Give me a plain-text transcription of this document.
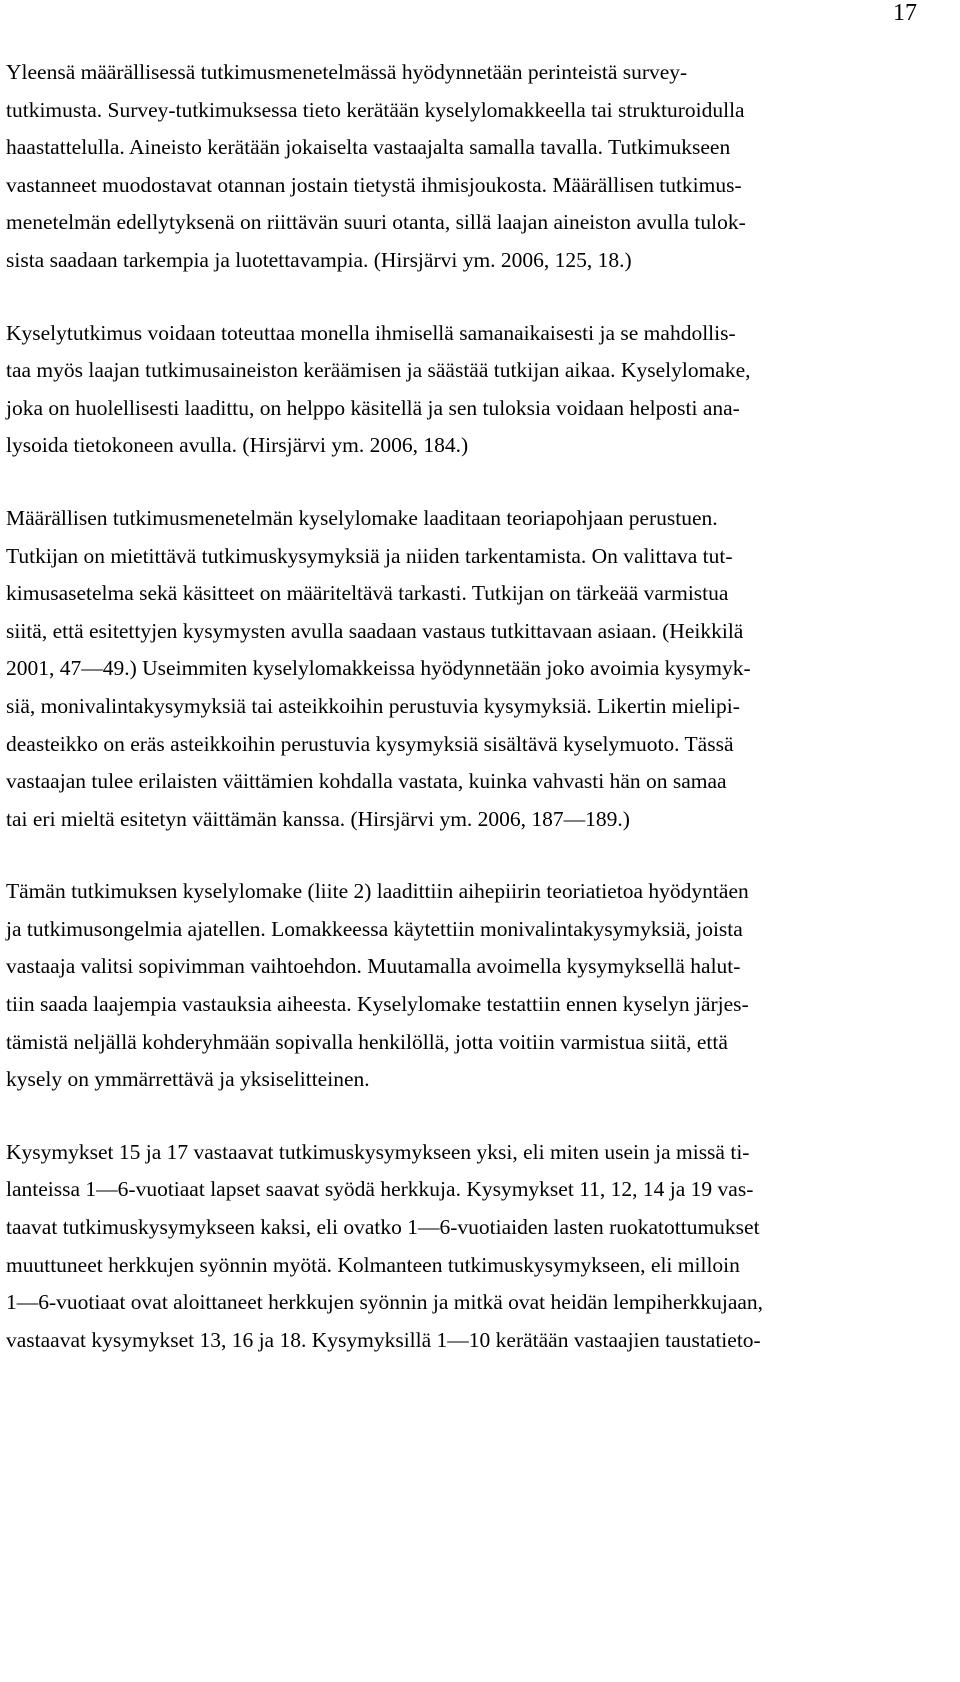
17

Yleensä määrällisessä tutkimusmenetelmässä hyödynnetään perinteistä survey-
tutkimusta. Survey-tutkimuksessa tieto kerätään kyselylomakkeella tai strukturoidulla
haastattelulla. Aineisto kerätään jokaiselta vastaajalta samalla tavalla. Tutkimukseen
vastanneet muodostavat otannan jostain tietystä ihmisjoukosta. Määrällisen tutkimus-
menetelmän edellytyksenä on riittävän suuri otanta, sillä laajan aineiston avulla tulok-
sista saadaan tarkempia ja luotettavampia. (Hirsjärvi ym. 2006, 125, 18.)

Kyselytutkimus voidaan toteuttaa monella ihmisellä samanaikaisesti ja se mahdollis-
taa myös laajan tutkimusaineiston keräämisen ja säästää tutkijan aikaa. Kyselylomake,
joka on huolellisesti laadittu, on helppo käsitellä ja sen tuloksia voidaan helposti ana-
lysoida tietokoneen avulla. (Hirsjärvi ym. 2006, 184.)

Määrällisen tutkimusmenetelmän kyselylomake laaditaan teoriapohjaan perustuen.
Tutkijan on mietittävä tutkimuskysymyksiä ja niiden tarkentamista. On valittava tut-
kimusasetelma sekä käsitteet on määriteltävä tarkasti. Tutkijan on tärkeää varmistua
siitä, että esitettyjen kysymysten avulla saadaan vastaus tutkittavaan asiaan. (Heikkilä
2001, 47—49.) Useimmiten kyselylomakkeissa hyödynnetään joko avoimia kysymyk-
siä, monivalintakysymyksiä tai asteikkoihin perustuvia kysymyksiä. Likertin mielipi-
deasteikko on eräs asteikkoihin perustuvia kysymyksiä sisältävä kyselymuoto. Tässä
vastaajan tulee erilaisten väittämien kohdalla vastata, kuinka vahvasti hän on samaa
tai eri mieltä esitetyn väittämän kanssa. (Hirsjärvi ym. 2006, 187—189.)

Tämän tutkimuksen kyselylomake (liite 2) laadittiin aihepiirin teoriatietoa hyödyntäen
ja tutkimusongelmia ajatellen. Lomakkeessa käytettiin monivalintakysymyksiä, joista
vastaaja valitsi sopivimman vaihtoehdon. Muutamalla avoimella kysymyksellä halut-
tiin saada laajempia vastauksia aiheesta. Kyselylomake testattiin ennen kyselyn järjes-
tämistä neljällä kohderyhmään sopivalla henkilöllä, jotta voitiin varmistua siitä, että
kysely on ymmärrettävä ja yksiselitteinen.

Kysymykset 15 ja 17 vastaavat tutkimuskysymykseen yksi, eli miten usein ja missä ti-
lanteissa 1—6-vuotiaat lapset saavat syödä herkkuja. Kysymykset 11, 12, 14 ja 19 vas-
taavat tutkimuskysymykseen kaksi, eli ovatko 1—6-vuotiaiden lasten ruokatottumukset
muuttuneet herkkujen syönnin myötä. Kolmanteen tutkimuskysymykseen, eli milloin
1—6-vuotiaat ovat aloittaneet herkkujen syönnin ja mitkä ovat heidän lempiherkkujaan,
vastaavat kysymykset 13, 16 ja 18. Kysymyksillä 1—10 kerätään vastaajien taustatieto-
